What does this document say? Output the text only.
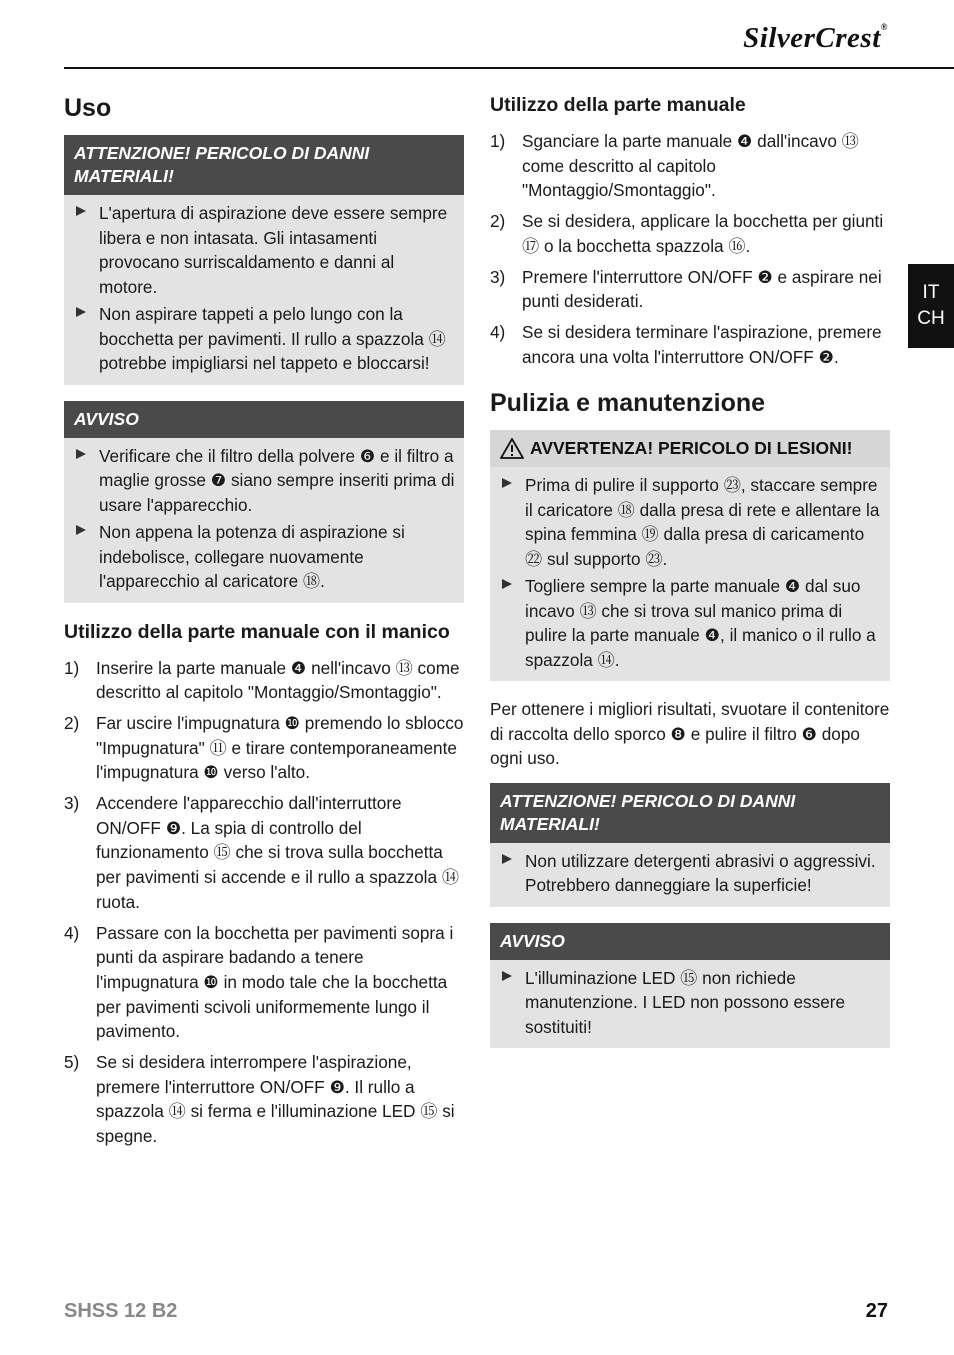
SilverCrest®
IT
CH
Uso
ATTENZIONE! PERICOLO DI DANNI MATERIALI!
L'apertura di aspirazione deve essere sempre libera e non intasata. Gli intasamenti provocano surriscaldamento e danni al motore.
Non aspirare tappeti a pelo lungo con la bocchetta per pavimenti. Il rullo a spazzola ⑭ potrebbe impigliarsi nel tappeto e bloccarsi!
AVVISO
Verificare che il filtro della polvere ❻ e il filtro a maglie grosse ❼ siano sempre inseriti prima di usare l'apparecchio.
Non appena la potenza di aspirazione si indebolisce, collegare nuovamente l'apparecchio al caricatore ⑱.
Utilizzo della parte manuale con il manico
1) Inserire la parte manuale ❹ nell'incavo ⑬ come descritto al capitolo "Montaggio/Smontaggio".
2) Far uscire l'impugnatura ❿ premendo lo sblocco "Impugnatura" ⑪ e tirare contemporaneamente l'impugnatura ❿ verso l'alto.
3) Accendere l'apparecchio dall'interruttore ON/OFF ❾. La spia di controllo del funzionamento ⑮ che si trova sulla bocchetta per pavimenti si accende e il rullo a spazzola ⑭ ruota.
4) Passare con la bocchetta per pavimenti sopra i punti da aspirare badando a tenere l'impugnatura ❿ in modo tale che la bocchetta per pavimenti scivoli uniformemente lungo il pavimento.
5) Se si desidera interrompere l'aspirazione, premere l'interruttore ON/OFF ❾. Il rullo a spazzola ⑭ si ferma e l'illuminazione LED ⑮ si spegne.
Utilizzo della parte manuale
1) Sganciare la parte manuale ❹ dall'incavo ⑬ come descritto al capitolo "Montaggio/Smontaggio".
2) Se si desidera, applicare la bocchetta per giunti ⑰ o la bocchetta spazzola ⑯.
3) Premere l'interruttore ON/OFF ❷ e aspirare nei punti desiderati.
4) Se si desidera terminare l'aspirazione, premere ancora una volta l'interruttore ON/OFF ❷.
Pulizia e manutenzione
AVVERTENZA! PERICOLO DI LESIONI!
Prima di pulire il supporto ㉓, staccare sempre il caricatore ⑱ dalla presa di rete e allentare la spina femmina ⑲ dalla presa di caricamento ㉒ sul supporto ㉓.
Togliere sempre la parte manuale ❹ dal suo incavo ⑬ che si trova sul manico prima di pulire la parte manuale ❹, il manico o il rullo a spazzola ⑭.

Per ottenere i migliori risultati, svuotare il contenitore di raccolta dello sporco ❽ e pulire il filtro ❻ dopo ogni uso.

ATTENZIONE! PERICOLO DI DANNI MATERIALI!
Non utilizzare detergenti abrasivi o aggressivi. Potrebbero danneggiare la superficie!
AVVISO
L'illuminazione LED ⑮ non richiede manutenzione. I LED non possono essere sostituiti!
SHSS 12 B2	27
